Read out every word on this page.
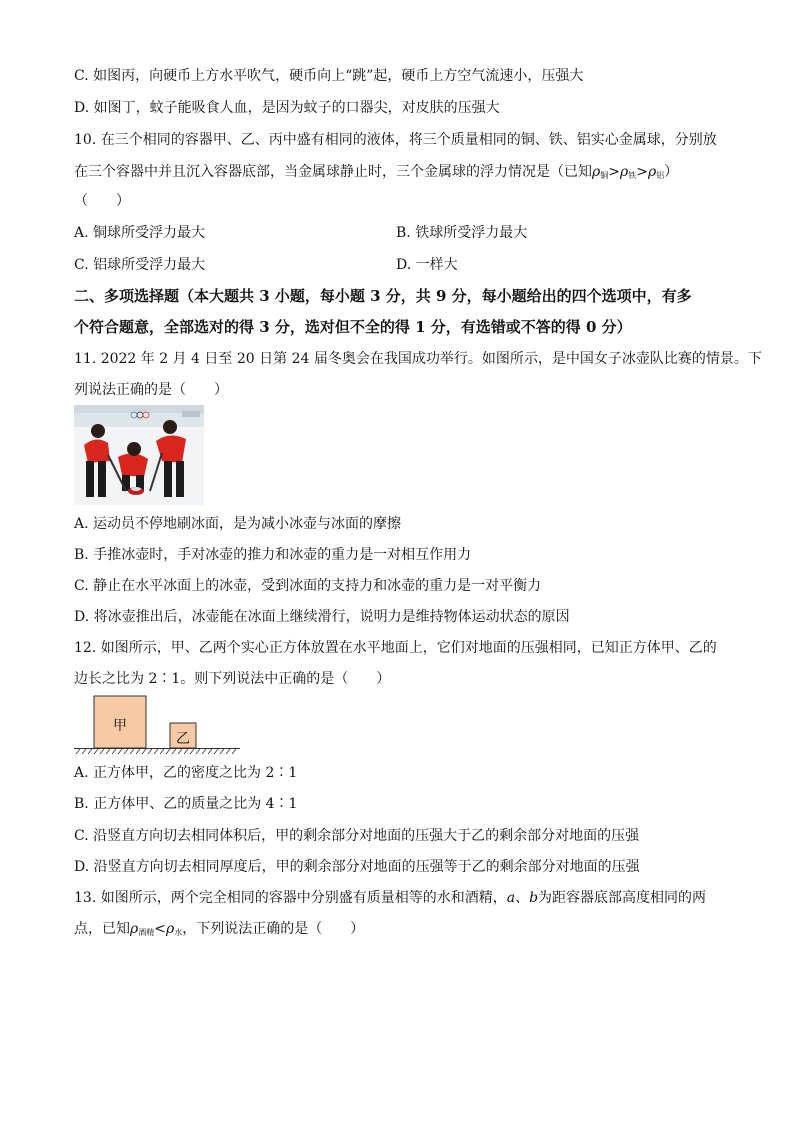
C. 如图丙，向硬币上方水平吹气，硬币向上“跳”起，硬币上方空气流速小，压强大
D. 如图丁，蚊子能吸食人血，是因为蚊子的口器尖，对皮肤的压强大
10. 在三个相同的容器甲、乙、丙中盛有相同的液体，将三个质量相同的铜、铁、铝实心金属球，分别放
在三个容器中并且沉入容器底部，当金属球静止时，三个金属球的浮力情况是（已知$\rho_铜>\rho_铁>\rho_铝$）
（　　）
A. 铜球所受浮力最大	B. 铁球所受浮力最大
C. 铝球所受浮力最大	D. 一样大
二、多项选择题（本大题共 3 小题，每小题 3 分，共 9 分，每小题给出的四个选项中，有多
个符合题意，全部选对的得 3 分，选对但不全的得 1 分，有选错或不答的得 0 分）
11. 2022 年 2 月 4 日至 20 日第 24 届冬奥会在我国成功举行。如图所示，是中国女子冰壶队比赛的情景。下
列说法正确的是（　　）
A. 运动员不停地刷冰面，是为减小冰壶与冰面的摩擦
B. 手推冰壶时，手对冰壶的推力和冰壶的重力是一对相互作用力
C. 静止在水平冰面上的冰壶，受到冰面的支持力和冰壶的重力是一对平衡力
D. 将冰壶推出后，冰壶能在冰面上继续滑行，说明力是维持物体运动状态的原因
12. 如图所示，甲、乙两个实心正方体放置在水平地面上，它们对地面的压强相同，已知正方体甲、乙的
边长之比为 2∶1。则下列说法中正确的是（　　）
甲
乙
A. 正方体甲，乙的密度之比为 2∶1
B. 正方体甲、乙的质量之比为 4∶1
C. 沿竖直方向切去相同体积后，甲的剩余部分对地面的压强大于乙的剩余部分对地面的压强
D. 沿竖直方向切去相同厚度后，甲的剩余部分对地面的压强等于乙的剩余部分对地面的压强
13. 如图所示，两个完全相同的容器中分别盛有质量相等的水和酒精，a、b为距容器底部高度相同的两
点，已知$\rho_{酒精}<\rho_水$，下列说法正确的是（　　）
